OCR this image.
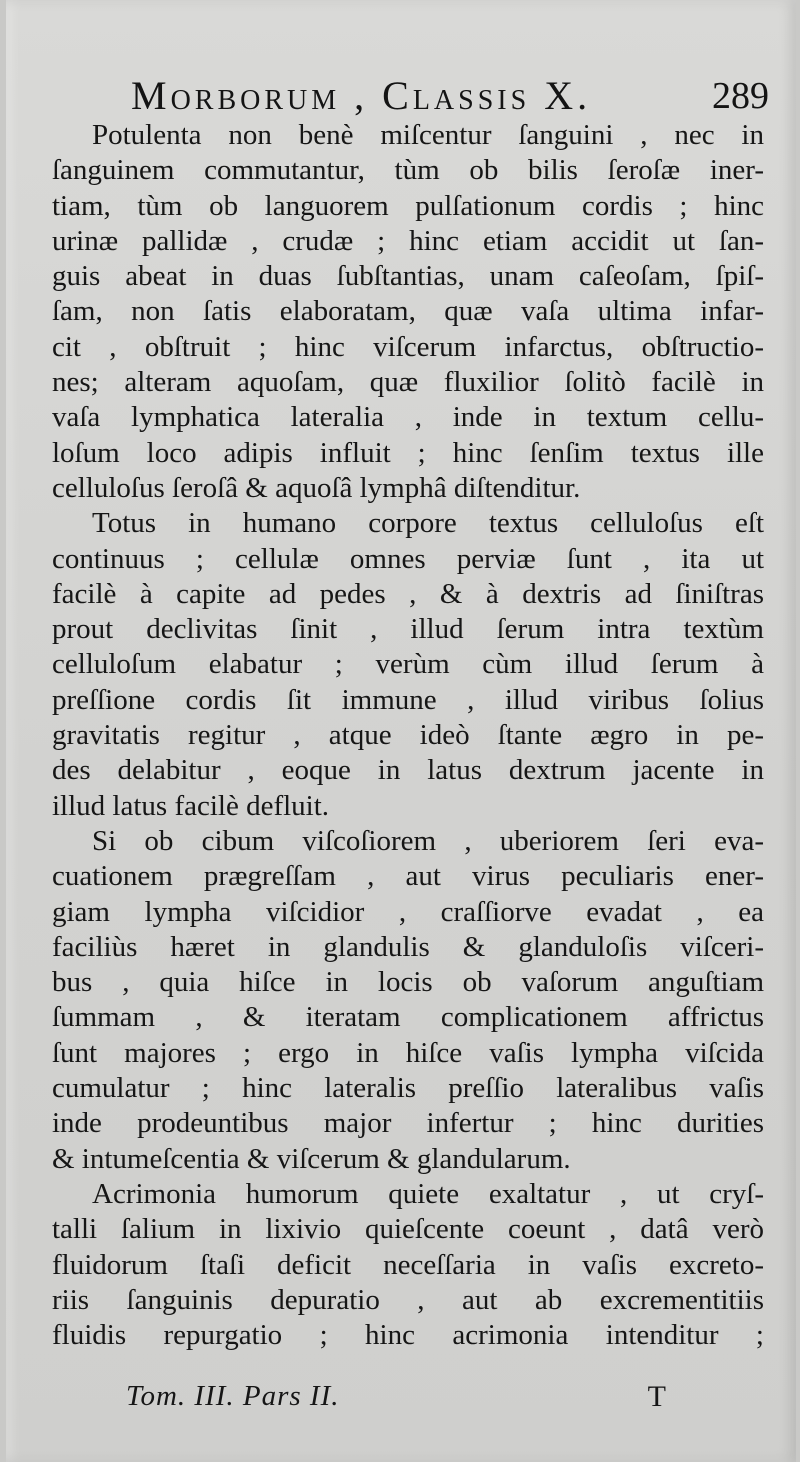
Morborum , Classis X.	289
Potulenta non benè miſcentur ſanguini , nec in
ſanguinem commutantur, tùm ob bilis ſeroſæ iner-
tiam, tùm ob languorem pulſationum cordis ; hinc
urinæ pallidæ , crudæ ; hinc etiam accidit ut ſan-
guis abeat in duas ſubſtantias, unam caſeoſam, ſpiſ-
ſam, non ſatis elaboratam, quæ vaſa ultima infar-
cit , obſtruit ; hinc viſcerum infarctus, obſtructio-
nes; alteram aquoſam, quæ fluxilior ſolitò facilè in
vaſa lymphatica lateralia , inde in textum cellu-
loſum loco adipis influit ; hinc ſenſim textus ille
celluloſus ſeroſâ & aquoſâ lymphâ diſtenditur.
Totus in humano corpore textus celluloſus eſt
continuus ; cellulæ omnes perviæ ſunt , ita ut
facilè à capite ad pedes , & à dextris ad ſiniſtras
prout declivitas ſinit , illud ſerum intra textùm
celluloſum elabatur ; verùm cùm illud ſerum à
preſſione cordis ſit immune , illud viribus ſolius
gravitatis regitur , atque ideò ſtante ægro in pe-
des delabitur , eoque in latus dextrum jacente in
illud latus facilè defluit.
Si ob cibum viſcoſiorem , uberiorem ſeri eva-
cuationem prægreſſam , aut virus peculiaris ener-
giam lympha viſcidior , craſſiorve evadat , ea
faciliùs hæret in glandulis & glanduloſis viſceri-
bus , quia hiſce in locis ob vaſorum anguſtiam
ſummam , & iteratam complicationem affrictus
ſunt majores ; ergo in hiſce vaſis lympha viſcida
cumulatur ; hinc lateralis preſſio lateralibus vaſis
inde prodeuntibus major infertur ; hinc durities
& intumeſcentia & viſcerum & glandularum.
Acrimonia humorum quiete exaltatur , ut cryſ-
talli ſalium in lixivio quieſcente coeunt , datâ verò
fluidorum ſtaſi deficit neceſſaria in vaſis excreto-
riis ſanguinis depuratio , aut ab excrementitiis
fluidis repurgatio ; hinc acrimonia intenditur ;
Tom. III. Pars II.	T
